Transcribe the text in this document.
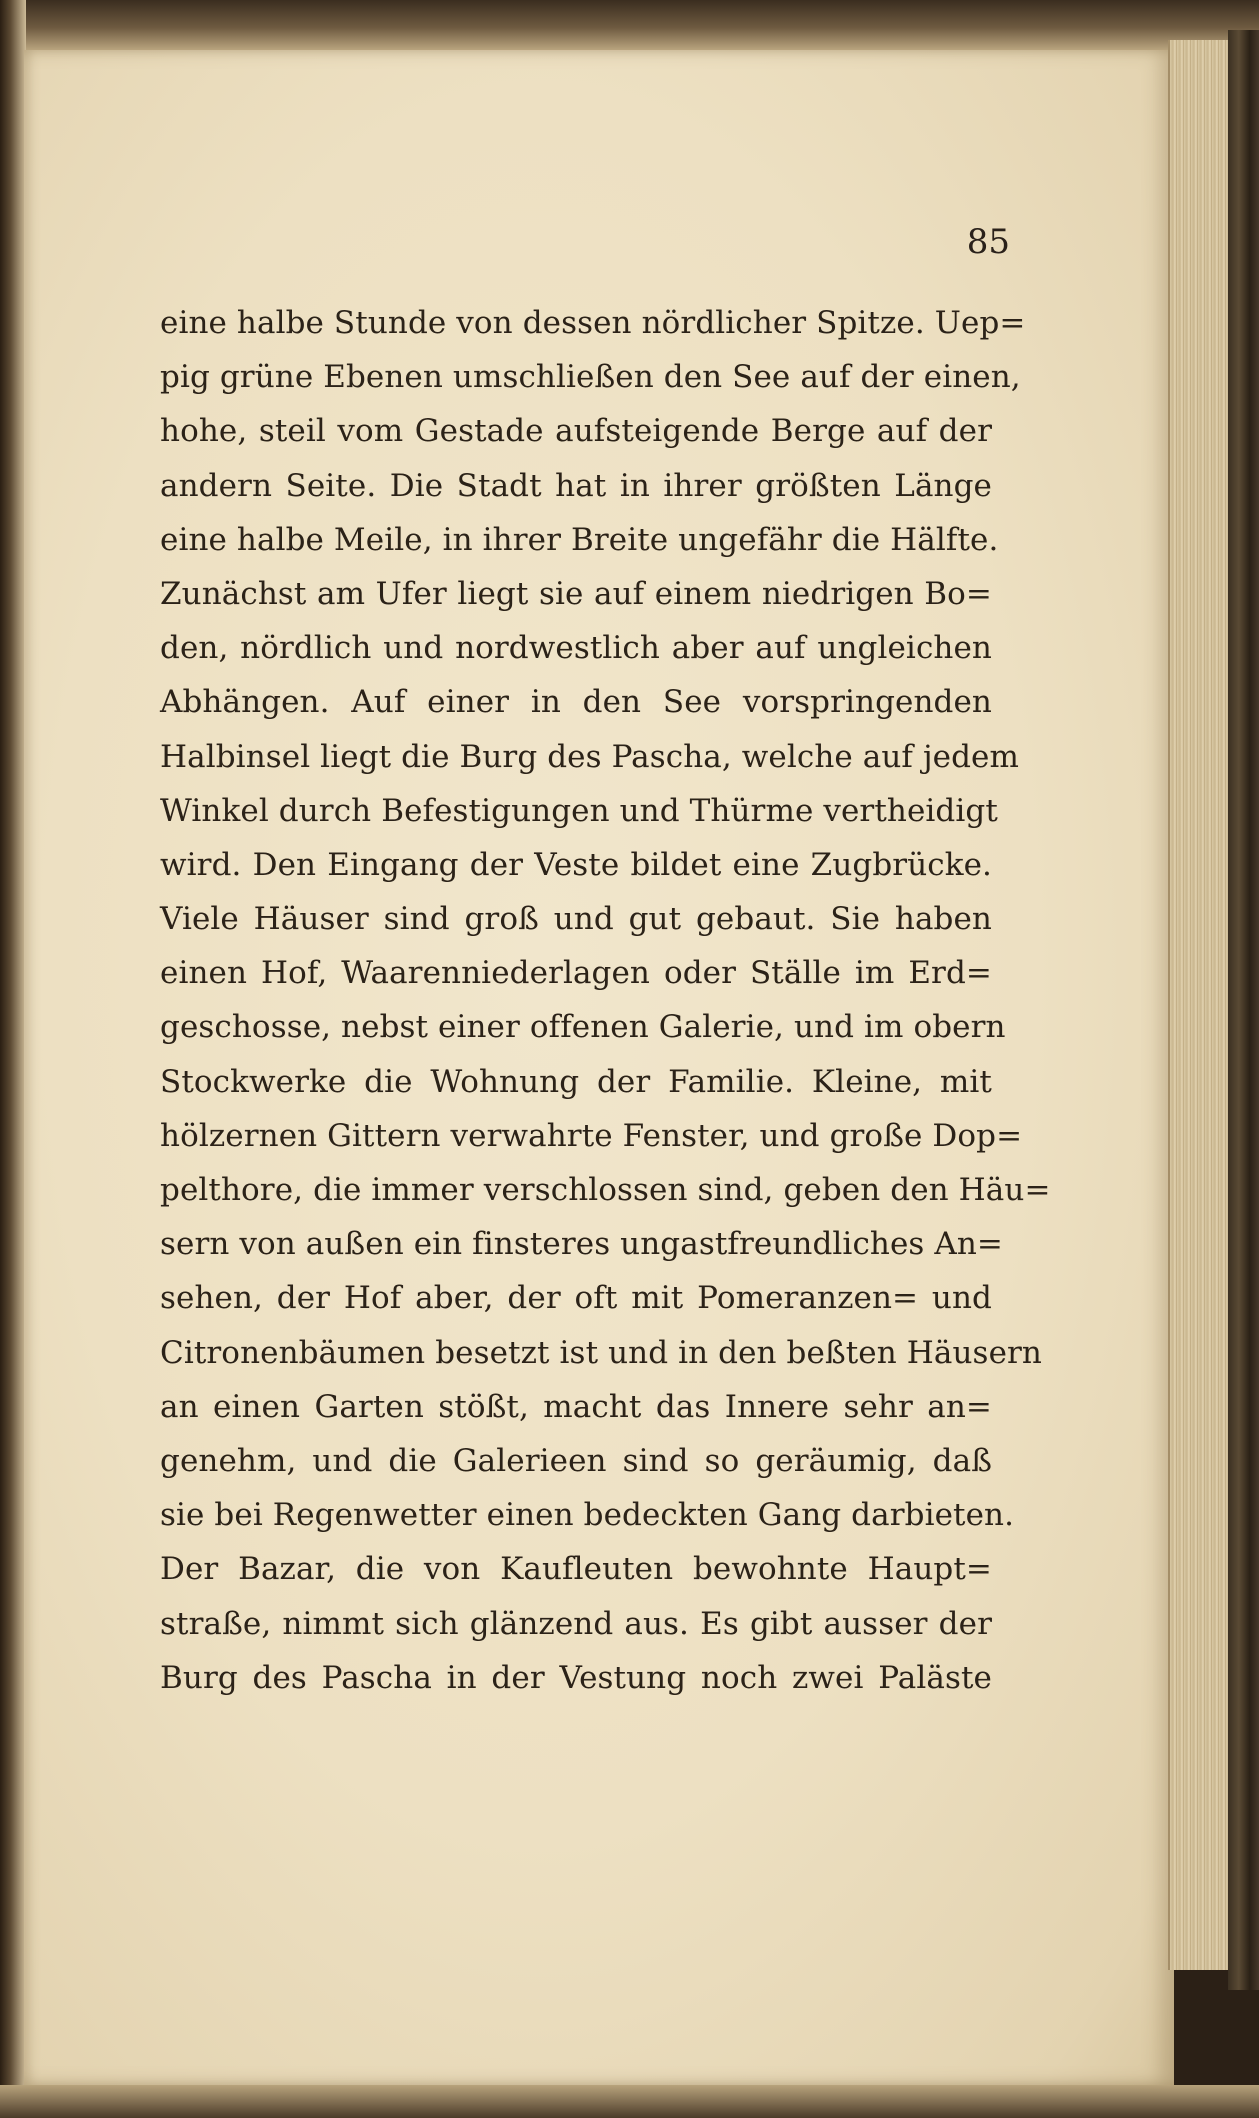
85

eine halbe Stunde von dessen nördlicher Spitze. Uep=
pig grüne Ebenen umschließen den See auf der einen,
hohe, steil vom Gestade aufsteigende Berge auf der
andern Seite. Die Stadt hat in ihrer größten Länge
eine halbe Meile, in ihrer Breite ungefähr die Hälfte.
Zunächst am Ufer liegt sie auf einem niedrigen Bo=
den, nördlich und nordwestlich aber auf ungleichen
Abhängen. Auf einer in den See vorspringenden
Halbinsel liegt die Burg des Pascha, welche auf jedem
Winkel durch Befestigungen und Thürme vertheidigt
wird. Den Eingang der Veste bildet eine Zugbrücke.
Viele Häuser sind groß und gut gebaut. Sie haben
einen Hof, Waarenniederlagen oder Ställe im Erd=
geschosse, nebst einer offenen Galerie, und im obern
Stockwerke die Wohnung der Familie. Kleine, mit
hölzernen Gittern verwahrte Fenster, und große Dop=
pelthore, die immer verschlossen sind, geben den Häu=
sern von außen ein finsteres ungastfreundliches An=
sehen, der Hof aber, der oft mit Pomeranzen= und
Citronenbäumen besetzt ist und in den beßten Häusern
an einen Garten stößt, macht das Innere sehr an=
genehm, und die Galerieen sind so geräumig, daß
sie bei Regenwetter einen bedeckten Gang darbieten.
Der Bazar, die von Kaufleuten bewohnte Haupt=
straße, nimmt sich glänzend aus. Es gibt ausser der
Burg des Pascha in der Vestung noch zwei Paläste
